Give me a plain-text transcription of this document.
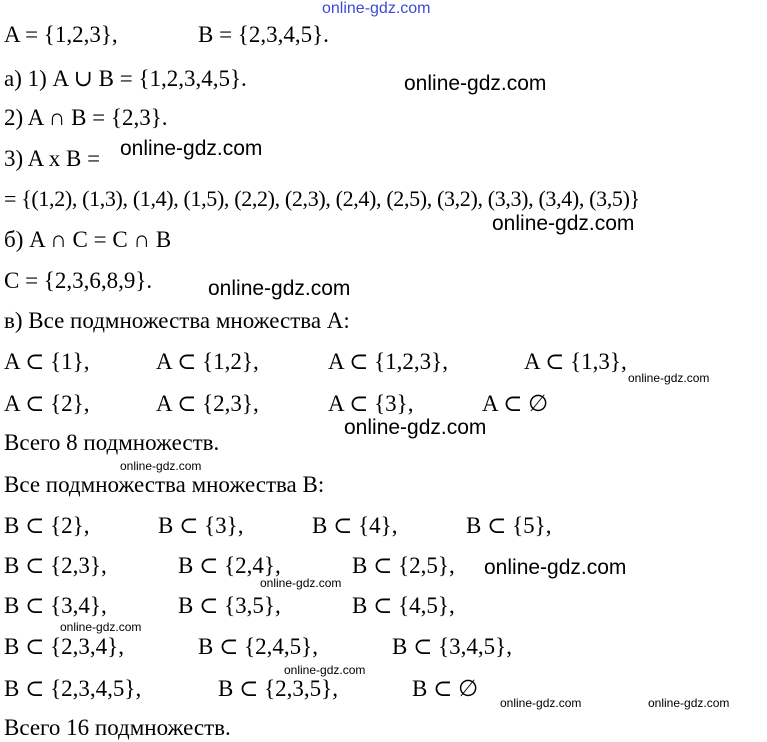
online-gdz.com
A = {1,2,3},	B = {2,3,4,5}.
а) 1) A ∪ B = {1,2,3,4,5}.	online-gdz.com
2) A ∩ B = {2,3}.
3) A x B = online-gdz.com
= {(1,2), (1,3), (1,4), (1,5), (2,2), (2,3), (2,4), (2,5), (3,2), (3,3), (3,4), (3,5)}
online-gdz.com
б) A ∩ C = C ∩ B
C = {2,3,6,8,9}.	online-gdz.com
в) Все подмножества множества A:
A ⊂ {1},	A ⊂ {1,2},	A ⊂ {1,2,3},	A ⊂ {1,3},
online-gdz.com
A ⊂ {2},	A ⊂ {2,3},	A ⊂ {3},	A ⊂ ∅
online-gdz.com
Всего 8 подмножеств.
online-gdz.com
Все подмножества множества B:
B ⊂ {2},	B ⊂ {3},	B ⊂ {4},	B ⊂ {5},
B ⊂ {2,3},	B ⊂ {2,4},	B ⊂ {2,5}, online-gdz.com
online-gdz.com
B ⊂ {3,4},	B ⊂ {3,5},	B ⊂ {4,5},
online-gdz.com
B ⊂ {2,3,4},	B ⊂ {2,4,5},	B ⊂ {3,4,5},
online-gdz.com
B ⊂ {2,3,4,5},	B ⊂ {2,3,5},	B ⊂ ∅
online-gdz.com	online-gdz.com
Всего 16 подмножеств.
